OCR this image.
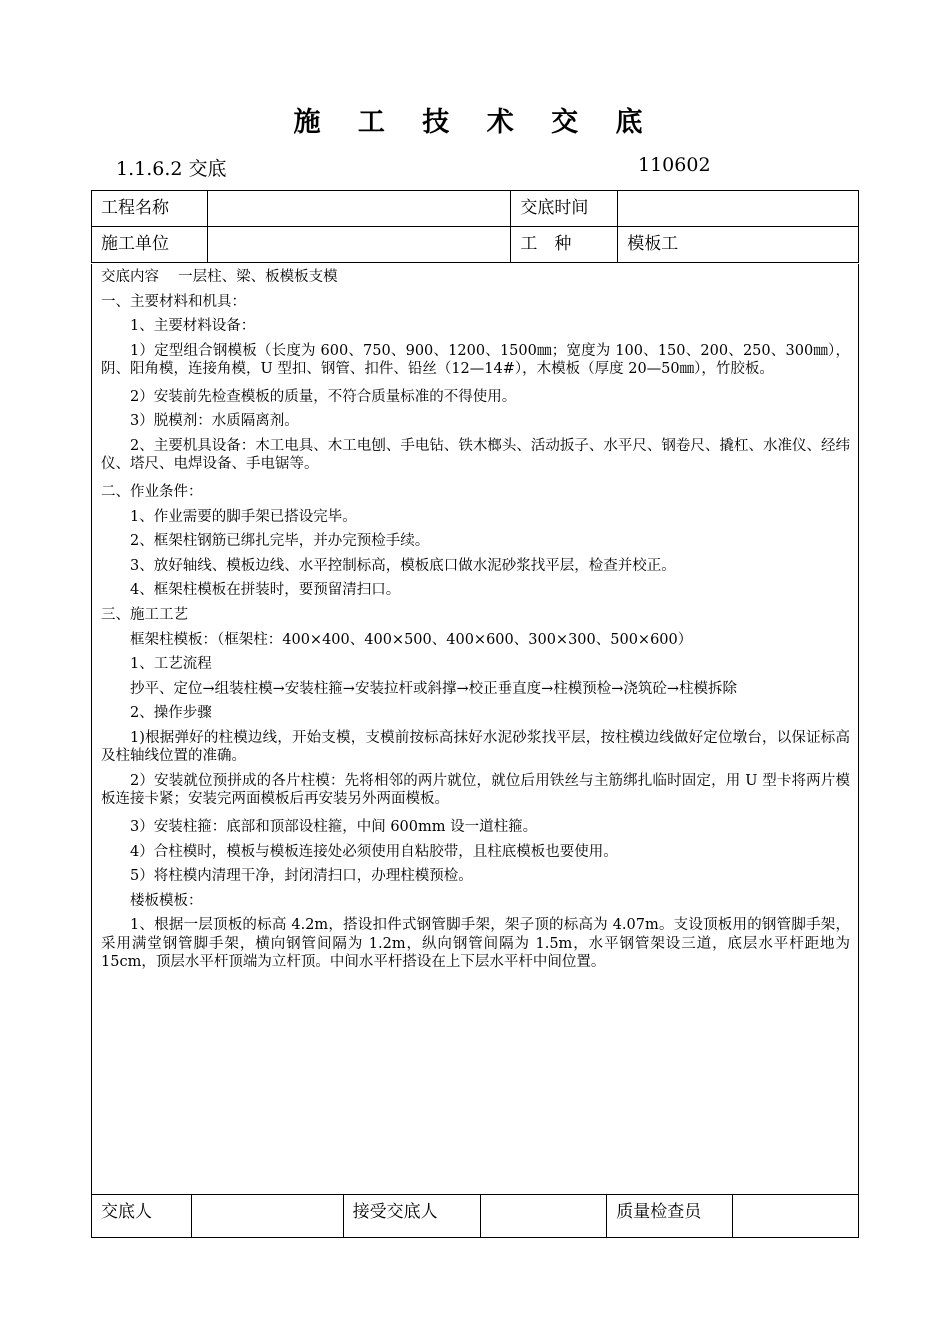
施 工 技 术 交 底
1.1.6.2 交底	110602
工程名称		交底时间	
施工单位		工　种	模板工

交底内容　 一层柱、梁、板模板支模

一、主要材料和机具：

1、主要材料设备：

1）定型组合钢模板（长度为 600、750、900、1200、1500㎜；宽度为 100、150、200、250、300㎜），阴、阳角模，连接角模，U 型扣、钢管、扣件、铅丝（12—14#），木模板（厚度 20—50㎜），竹胶板。

2）安装前先检查模板的质量，不符合质量标准的不得使用。

3）脱模剂：水质隔离剂。

2、主要机具设备：木工电具、木工电刨、手电钻、铁木榔头、活动扳子、水平尺、钢卷尺、撬杠、水准仪、经纬仪、塔尺、电焊设备、手电锯等。

二、作业条件：

1、作业需要的脚手架已搭设完毕。

2、框架柱钢筋已绑扎完毕，并办完预检手续。

3、放好轴线、模板边线、水平控制标高，模板底口做水泥砂浆找平层，检查并校正。

4、框架柱模板在拼装时，要预留清扫口。

三、施工工艺

框架柱模板：（框架柱：400×400、400×500、400×600、300×300、500×600）

1、工艺流程

抄平、定位→组装柱模→安装柱箍→安装拉杆或斜撑→校正垂直度→柱模预检→浇筑砼→柱模拆除

2、操作步骤

1)根据弹好的柱模边线，开始支模，支模前按标高抹好水泥砂浆找平层，按柱模边线做好定位墩台，以保证标高及柱轴线位置的准确。

2）安装就位预拼成的各片柱模：先将相邻的两片就位，就位后用铁丝与主筋绑扎临时固定，用 U 型卡将两片模板连接卡紧；安装完两面模板后再安装另外两面模板。

3）安装柱箍：底部和顶部设柱箍，中间 600mm 设一道柱箍。

4）合柱模时，模板与模板连接处必须使用自粘胶带，且柱底模板也要使用。

5）将柱模内清理干净，封闭清扫口，办理柱模预检。

楼板模板：

1、根据一层顶板的标高 4.2m，搭设扣件式钢管脚手架，架子顶的标高为 4.07m。支设顶板用的钢管脚手架，采用满堂钢管脚手架，横向钢管间隔为 1.2m，纵向钢管间隔为 1.5m，水平钢管架设三道，底层水平杆距地为 15cm，顶层水平杆顶端为立杆顶。中间水平杆搭设在上下层水平杆中间位置。

交底人		接受交底人		质量检查员	
